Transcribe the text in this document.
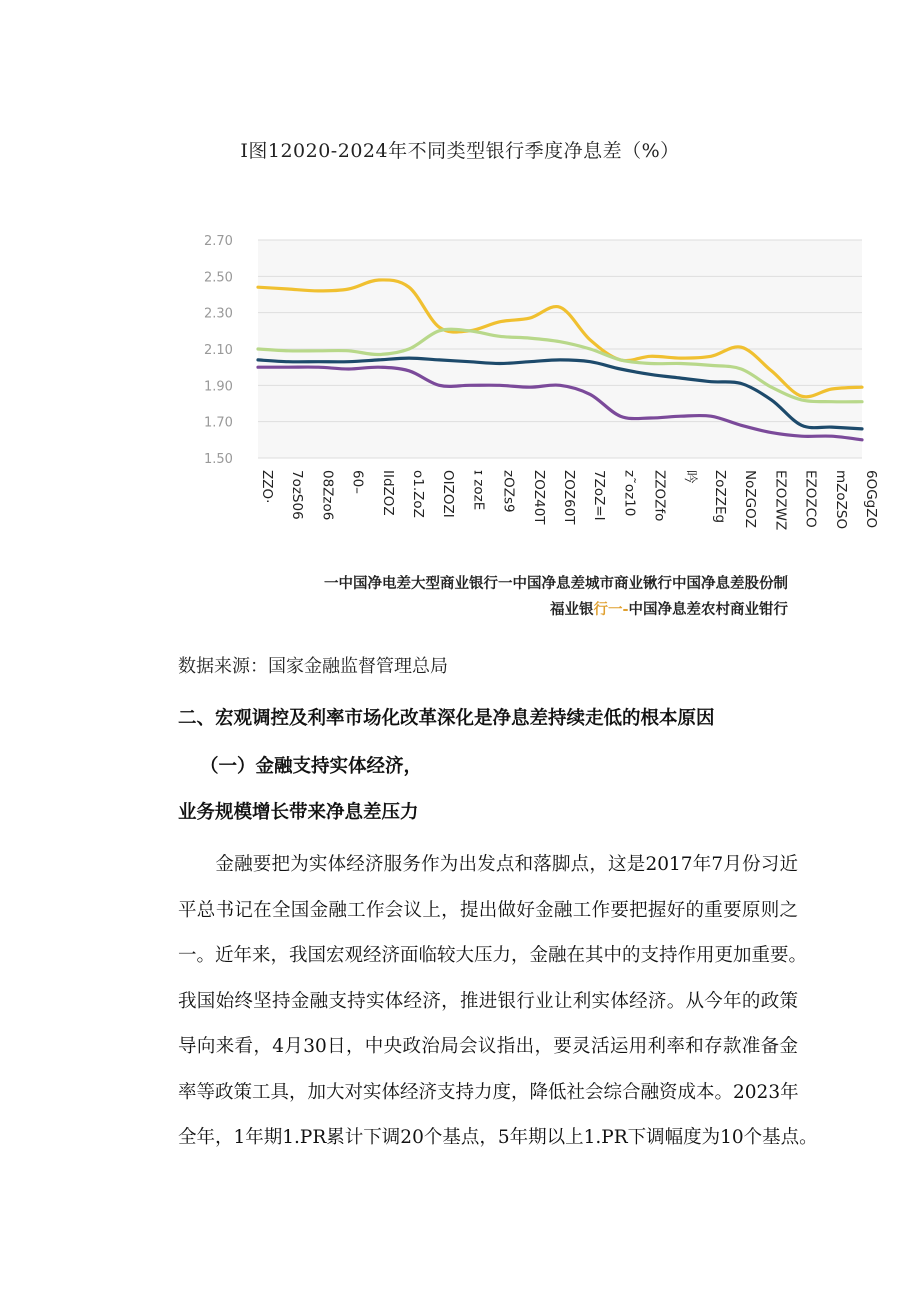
I图12020-2024年不同类型银行季度净息差（%）
2.70
2.50
2.30
2.10
1.90
1.70
1.50
ZZO· 7ozS06 08Zzo6 60– IIdZOZ o1.ZoZ OIZOZI ɪ zozE zOZs9 ZOZ40T ZOZ60T 7ZoZ=I z˜oz10 ZZOZfo 吟 ZoZZEg NoZGOZ EZOZWZ EZOZCO mZoZSO 6OGgZO
一中国净电差大型商业银行一中国净息差城市商业锹行中国净息差股份制
福业银行一-中国净息差农村商业钳行
数据来源：国家金融监督管理总局
二、宏观调控及利率市场化改革深化是净息差持续走低的根本原因
（一）金融支持实体经济，
业务规模增长带来净息差压力
　　金融要把为实体经济服务作为出发点和落脚点，这是2017年7月份习近
平总书记在全国金融工作会议上，提出做好金融工作要把握好的重要原则之
一。近年来，我国宏观经济面临较大压力，金融在其中的支持作用更加重要。
我国始终坚持金融支持实体经济，推进银行业让利实体经济。从今年的政策
导向来看，4月30日，中央政治局会议指出，要灵活运用利率和存款准备金
率等政策工具，加大对实体经济支持力度，降低社会综合融资成本。2023年
全年，1年期1.PR累计下调20个基点，5年期以上1.PR下调幅度为10个基点。
